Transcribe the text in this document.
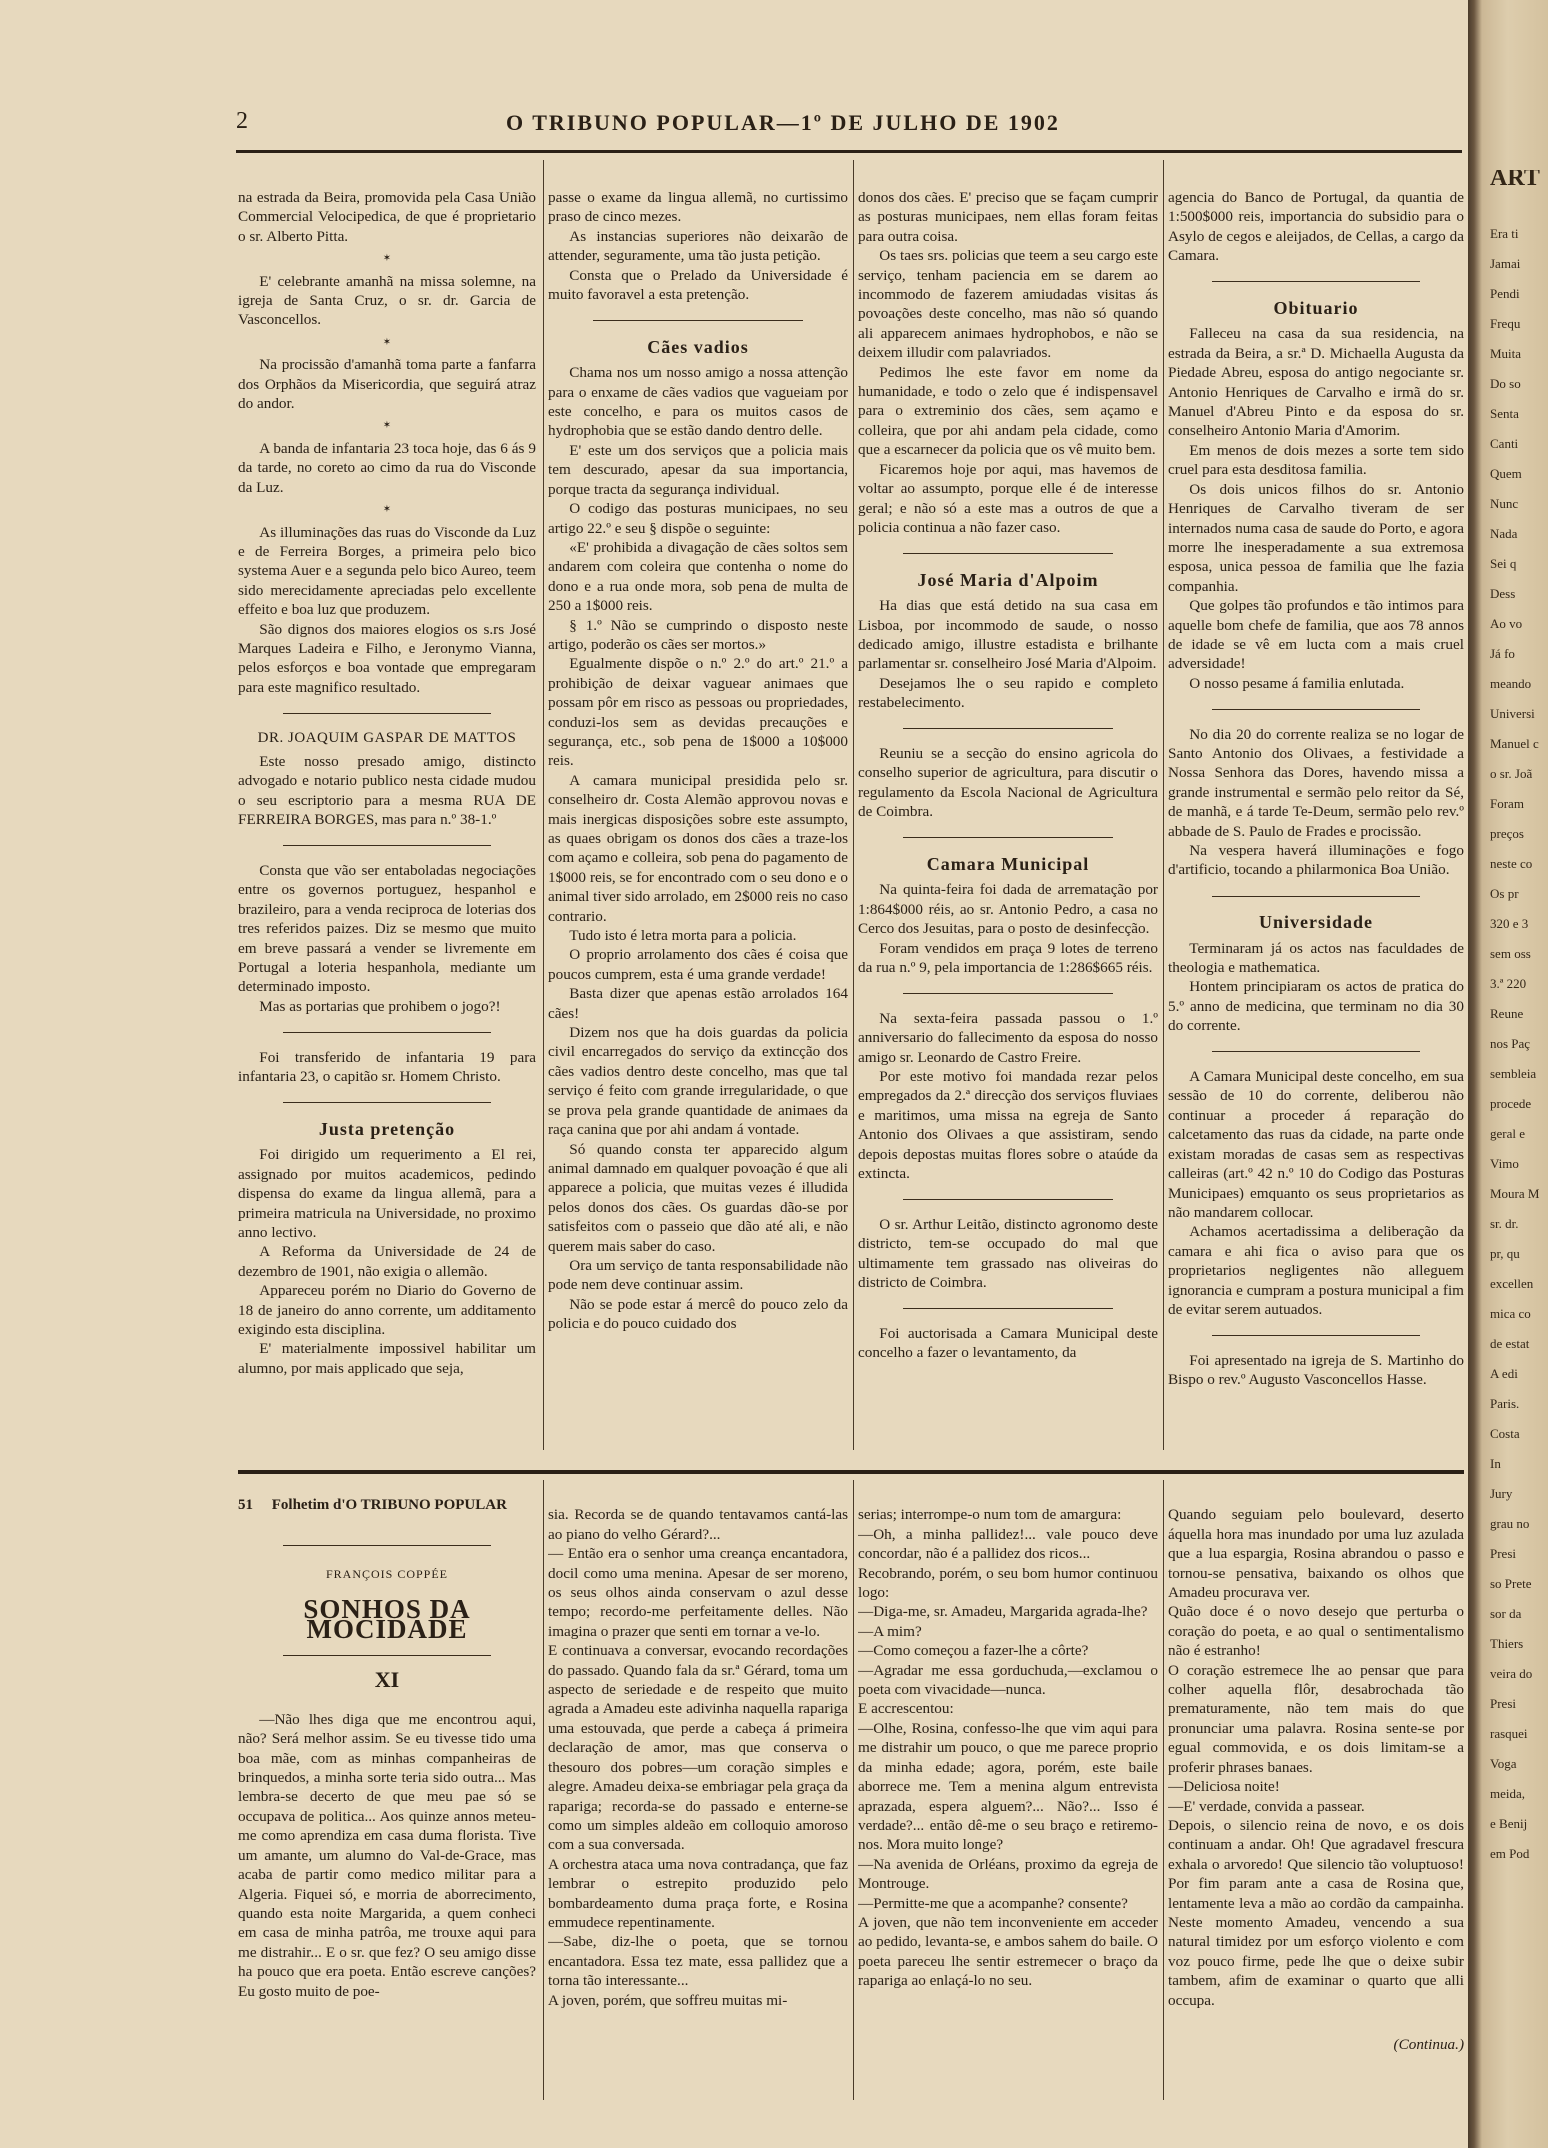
ART

Era ti

Jamai

Pendi

Frequ

Muita

Do so

Senta

Canti

Quem

Nunc

Nada

Sei q

Dess

Ao vo

Já fo

meando

Universi

Manuel c

o sr. Joã

Foram

preços

neste co

Os pr

320 e 3

sem oss

3.ª 220

Reune

nos Paç

sembleia

procede

geral e

Vimo

Moura M

sr. dr.

pr, qu

excellen

mica co

de estat

A edi

Paris.

Costa

In

Jury

grau no

Presi

so Prete

sor da

Thiers

veira do

Presi

rasquei

Voga

meida,

e Benij

em Pod

2	O TRIBUNO POPULAR—1º DE JULHO DE 1902

na estrada da Beira, promovida pela Casa União Commercial Velocipedica, de que é proprietario o sr. Alberto Pitta.

✶

E' celebrante amanhã na missa solemne, na igreja de Santa Cruz, o sr. dr. Garcia de Vasconcellos.

✶

Na procissão d'amanhã toma parte a fanfarra dos Orphãos da Misericordia, que seguirá atraz do andor.

✶

A banda de infantaria 23 toca hoje, das 6 ás 9 da tarde, no coreto ao cimo da rua do Visconde da Luz.

✶

As illuminações das ruas do Visconde da Luz e de Ferreira Borges, a primeira pelo bico systema Auer e a segunda pelo bico Aureo, teem sido merecidamente apreciadas pelo excellente effeito e boa luz que produzem.

São dignos dos maiores elogios os s.rs José Marques Ladeira e Filho, e Jeronymo Vianna, pelos esforços e boa vontade que empregaram para este magnifico resultado.

DR. JOAQUIM GASPAR DE MATTOS

Este nosso presado amigo, distincto advogado e notario publico nesta cidade mudou o seu escriptorio para a mesma RUA DE FERREIRA BORGES, mas para n.º 38-1.º

Consta que vão ser entaboladas negociações entre os governos portuguez, hespanhol e brazileiro, para a venda reciproca de loterias dos tres referidos paizes. Diz se mesmo que muito em breve passará a vender se livremente em Portugal a loteria hespanhola, mediante um determinado imposto.

Mas as portarias que prohibem o jogo?!

Foi transferido de infantaria 19 para infantaria 23, o capitão sr. Homem Christo.

Justa pretenção

Foi dirigido um requerimento a El rei, assignado por muitos academicos, pedindo dispensa do exame da lingua allemã, para a primeira matricula na Universidade, no proximo anno lectivo.

A Reforma da Universidade de 24 de dezembro de 1901, não exigia o allemão.

Appareceu porém no Diario do Governo de 18 de janeiro do anno corrente, um additamento exigindo esta disciplina.

E' materialmente impossivel habilitar um alumno, por mais applicado que seja,

passe o exame da lingua allemã, no curtissimo praso de cinco mezes.

As instancias superiores não deixarão de attender, seguramente, uma tão justa petição.

Consta que o Prelado da Universidade é muito favoravel a esta pretenção.

Cães vadios

Chama nos um nosso amigo a nossa attenção para o enxame de cães vadios que vagueiam por este concelho, e para os muitos casos de hydrophobia que se estão dando dentro delle.

E' este um dos serviços que a policia mais tem descurado, apesar da sua importancia, porque tracta da segurança individual.

O codigo das posturas municipaes, no seu artigo 22.º e seu § dispõe o seguinte:

«E' prohibida a divagação de cães soltos sem andarem com coleira que contenha o nome do dono e a rua onde mora, sob pena de multa de 250 a 1$000 reis.

§ 1.º Não se cumprindo o disposto neste artigo, poderão os cães ser mortos.»

Egualmente dispõe o n.º 2.º do art.º 21.º a prohibição de deixar vaguear animaes que possam pôr em risco as pessoas ou propriedades, conduzi-los sem as devidas precauções e segurança, etc., sob pena de 1$000 a 10$000 reis.

A camara municipal presidida pelo sr. conselheiro dr. Costa Alemão approvou novas e mais inergicas disposições sobre este assumpto, as quaes obrigam os donos dos cães a traze-los com açamo e colleira, sob pena do pagamento de 1$000 reis, se for encontrado com o seu dono e o animal tiver sido arrolado, em 2$000 reis no caso contrario.

Tudo isto é letra morta para a policia.

O proprio arrolamento dos cães é coisa que poucos cumprem, esta é uma grande verdade!

Basta dizer que apenas estão arrolados 164 cães!

Dizem nos que ha dois guardas da policia civil encarregados do serviço da extincção dos cães vadios dentro deste concelho, mas que tal serviço é feito com grande irregularidade, o que se prova pela grande quantidade de animaes da raça canina que por ahi andam á vontade.

Só quando consta ter apparecido algum animal damnado em qualquer povoação é que ali apparece a policia, que muitas vezes é illudida pelos donos dos cães. Os guardas dão-se por satisfeitos com o passeio que dão até ali, e não querem mais saber do caso.

Ora um serviço de tanta responsabilidade não pode nem deve continuar assim.

Não se pode estar á mercê do pouco zelo da policia e do pouco cuidado dos

donos dos cães. E' preciso que se façam cumprir as posturas municipaes, nem ellas foram feitas para outra coisa.

Os taes srs. policias que teem a seu cargo este serviço, tenham paciencia em se darem ao incommodo de fazerem amiudadas visitas ás povoações deste concelho, mas não só quando ali apparecem animaes hydrophobos, e não se deixem illudir com palavriados.

Pedimos lhe este favor em nome da humanidade, e todo o zelo que é indispensavel para o extreminio dos cães, sem açamo e colleira, que por ahi andam pela cidade, como que a escarnecer da policia que os vê muito bem.

Ficaremos hoje por aqui, mas havemos de voltar ao assumpto, porque elle é de interesse geral; e não só a este mas a outros de que a policia continua a não fazer caso.

José Maria d'Alpoim

Ha dias que está detido na sua casa em Lisboa, por incommodo de saude, o nosso dedicado amigo, illustre estadista e brilhante parlamentar sr. conselheiro José Maria d'Alpoim.

Desejamos lhe o seu rapido e completo restabelecimento.

Reuniu se a secção do ensino agricola do conselho superior de agricultura, para discutir o regulamento da Escola Nacional de Agricultura de Coimbra.

Camara Municipal

Na quinta-feira foi dada de arrematação por 1:864$000 réis, ao sr. Antonio Pedro, a casa no Cerco dos Jesuitas, para o posto de desinfecção.

Foram vendidos em praça 9 lotes de terreno da rua n.º 9, pela importancia de 1:286$665 réis.

Na sexta-feira passada passou o 1.º anniversario do fallecimento da esposa do nosso amigo sr. Leonardo de Castro Freire.

Por este motivo foi mandada rezar pelos empregados da 2.ª direcção dos serviços fluviaes e maritimos, uma missa na egreja de Santo Antonio dos Olivaes a que assistiram, sendo depois depostas muitas flores sobre o ataúde da extincta.

O sr. Arthur Leitão, distincto agronomo deste districto, tem-se occupado do mal que ultimamente tem grassado nas oliveiras do districto de Coimbra.

Foi auctorisada a Camara Municipal deste concelho a fazer o levantamento, da

agencia do Banco de Portugal, da quantia de 1:500$000 reis, importancia do subsidio para o Asylo de cegos e aleijados, de Cellas, a cargo da Camara.

Obituario

Falleceu na casa da sua residencia, na estrada da Beira, a sr.ª D. Michaella Augusta da Piedade Abreu, esposa do antigo negociante sr. Antonio Henriques de Carvalho e irmã do sr. Manuel d'Abreu Pinto e da esposa do sr. conselheiro Antonio Maria d'Amorim.

Em menos de dois mezes a sorte tem sido cruel para esta desditosa familia.

Os dois unicos filhos do sr. Antonio Henriques de Carvalho tiveram de ser internados numa casa de saude do Porto, e agora morre lhe inesperadamente a sua extremosa esposa, unica pessoa de familia que lhe fazia companhia.

Que golpes tão profundos e tão intimos para aquelle bom chefe de familia, que aos 78 annos de idade se vê em lucta com a mais cruel adversidade!

O nosso pesame á familia enlutada.

No dia 20 do corrente realiza se no logar de Santo Antonio dos Olivaes, a festividade a Nossa Senhora das Dores, havendo missa a grande instrumental e sermão pelo reitor da Sé, de manhã, e á tarde Te-Deum, sermão pelo rev.º abbade de S. Paulo de Frades e procissão.

Na vespera haverá illuminações e fogo d'artificio, tocando a philarmonica Boa União.

Universidade

Terminaram já os actos nas faculdades de theologia e mathematica.

Hontem principiaram os actos de pratica do 5.º anno de medicina, que terminam no dia 30 do corrente.

A Camara Municipal deste concelho, em sua sessão de 10 do corrente, deliberou não continuar a proceder á reparação do calcetamento das ruas da cidade, na parte onde existam moradas de casas sem as respectivas calleiras (art.º 42 n.º 10 do Codigo das Posturas Municipaes) emquanto os seus proprietarios as não mandarem collocar.

Achamos acertadissima a deliberação da camara e ahi fica o aviso para que os proprietarios negligentes não alleguem ignorancia e cumpram a postura municipal a fim de evitar serem autuados.

Foi apresentado na igreja de S. Martinho do Bispo o rev.º Augusto Vasconcellos Hasse.

51 Folhetim d'O TRIBUNO POPULAR
FRANÇOIS COPPÉE
SONHOS DA MOCIDADE
XI

—Não lhes diga que me encontrou aqui, não? Será melhor assim. Se eu tivesse tido uma boa mãe, com as minhas companheiras de brinquedos, a minha sorte teria sido outra... Mas lembra-se decerto de que meu pae só se occupava de politica... Aos quinze annos meteu-me como aprendiza em casa duma florista. Tive um amante, um alumno do Val-de-Grace, mas acaba de partir como medico militar para a Algeria. Fiquei só, e morria de aborrecimento, quando esta noite Margarida, a quem conheci em casa de minha patrôa, me trouxe aqui para me distrahir... E o sr. que fez? O seu amigo disse ha pouco que era poeta. Então escreve canções? Eu gosto muito de poe-

sia. Recorda se de quando tentavamos cantá-las ao piano do velho Gérard?...
— Então era o senhor uma creança encantadora, docil como uma menina. Apesar de ser moreno, os seus olhos ainda conservam o azul desse tempo; recordo-me perfeitamente delles. Não imagina o prazer que senti em tornar a ve-lo.
E continuava a conversar, evocando recordações do passado. Quando fala da sr.ª Gérard, toma um aspecto de seriedade e de respeito que muito agrada a Amadeu este adivinha naquella rapariga uma estouvada, que perde a cabeça á primeira declaração de amor, mas que conserva o thesouro dos pobres—um coração simples e alegre. Amadeu deixa-se embriagar pela graça da rapariga; recorda-se do passado e enterne-se como um simples aldeão em colloquio amoroso com a sua conversada.
A orchestra ataca uma nova contradança, que faz lembrar o estrepito produzido pelo bombardeamento duma praça forte, e Rosina emmudece repentinamente.
—Sabe, diz-lhe o poeta, que se tornou encantadora. Essa tez mate, essa pallidez que a torna tão interessante...
A joven, porém, que soffreu muitas mi-

serias; interrompe-o num tom de amargura:
—Oh, a minha pallidez!... vale pouco deve concordar, não é a pallidez dos ricos...
Recobrando, porém, o seu bom humor continuou logo:
—Diga-me, sr. Amadeu, Margarida agrada-lhe?
—A mim?
—Como começou a fazer-lhe a côrte?
—Agradar me essa gorduchuda,—exclamou o poeta com vivacidade—nunca.
E accrescentou:
—Olhe, Rosina, confesso-lhe que vim aqui para me distrahir um pouco, o que me parece proprio da minha edade; agora, porém, este baile aborrece me. Tem a menina algum entrevista aprazada, espera alguem?... Não?... Isso é verdade?... então dê-me o seu braço e retiremo-nos. Mora muito longe?
—Na avenida de Orléans, proximo da egreja de Montrouge.
—Permitte-me que a acompanhe? consente?
A joven, que não tem inconveniente em acceder ao pedido, levanta-se, e ambos sahem do baile. O poeta pareceu lhe sentir estremecer o braço da rapariga ao enlaçá-lo no seu.

Quando seguiam pelo boulevard, deserto áquella hora mas inundado por uma luz azulada que a lua espargia, Rosina abrandou o passo e tornou-se pensativa, baixando os olhos que Amadeu procurava ver.
Quão doce é o novo desejo que perturba o coração do poeta, e ao qual o sentimentalismo não é estranho!
O coração estremece lhe ao pensar que para colher aquella flôr, desabrochada tão prematuramente, não tem mais do que pronunciar uma palavra. Rosina sente-se por egual commovida, e os dois limitam-se a proferir phrases banaes.
—Deliciosa noite!
—E' verdade, convida a passear.
Depois, o silencio reina de novo, e os dois continuam a andar. Oh! Que agradavel frescura exhala o arvoredo! Que silencio tão voluptuoso! Por fim param ante a casa de Rosina que, lentamente leva a mão ao cordão da campainha. Neste momento Amadeu, vencendo a sua natural timidez por um esforço violento e com voz pouco firme, pede lhe que o deixe subir tambem, afim de examinar o quarto que alli occupa.

(Continua.)
